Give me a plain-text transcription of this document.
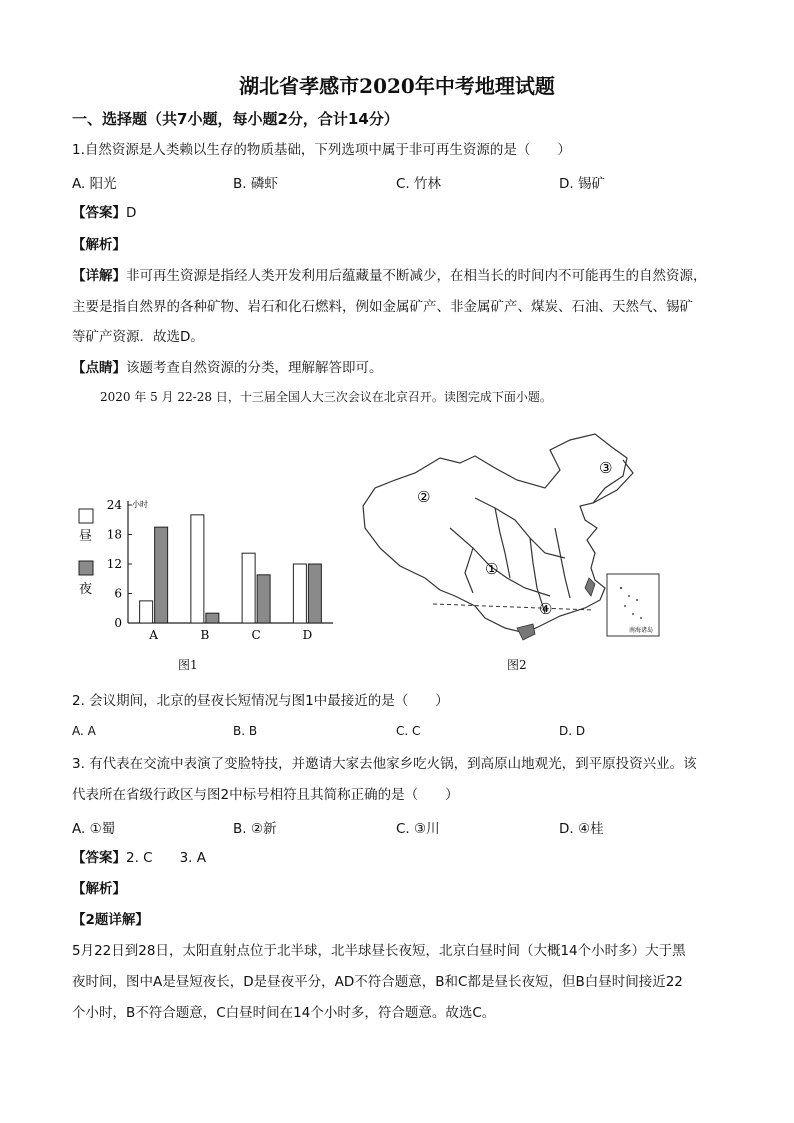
湖北省孝感市2020年中考地理试题
一、选择题（共7小题，每小题2分，合计14分）
1.自然资源是人类赖以生存的物质基础，下列选项中属于非可再生资源的是（　　）
A. 阳光	B. 磷虾	C. 竹林	D. 锡矿
【答案】D
【解析】
【详解】非可再生资源是指经人类开发利用后蕴藏量不断减少，在相当长的时间内不可能再生的自然资源，
主要是指自然界的各种矿物、岩石和化石燃料，例如金属矿产、非金属矿产、煤炭、石油、天然气、锡矿
等矿产资源．故选D。
【点睛】该题考查自然资源的分类，理解解答即可。
2020 年 5 月 22-28 日，十三届全国人大三次会议在北京召开。读图完成下面小题。
24
18
12
6
0
小时
A	B	C	D
昼
夜
图1
②
③
①
④
南海诸岛
图2
2. 会议期间，北京的昼夜长短情况与图1中最接近的是（　　）
A. A	B. B	C. C	D. D
3. 有代表在交流中表演了变脸特技，并邀请大家去他家乡吃火锅，到高原山地观光，到平原投资兴业。该
代表所在省级行政区与图2中标号相符且其简称正确的是（　　）
A. ①蜀	B. ②新	C. ③川	D. ④桂
【答案】2. C　　3. A
【解析】
【2题详解】
5月22日到28日，太阳直射点位于北半球，北半球昼长夜短，北京白昼时间（大概14个小时多）大于黑
夜时间，图中A是昼短夜长，D是昼夜平分，AD不符合题意，B和C都是昼长夜短，但B白昼时间接近22
个小时，B不符合题意，C白昼时间在14个小时多，符合题意。故选C。
